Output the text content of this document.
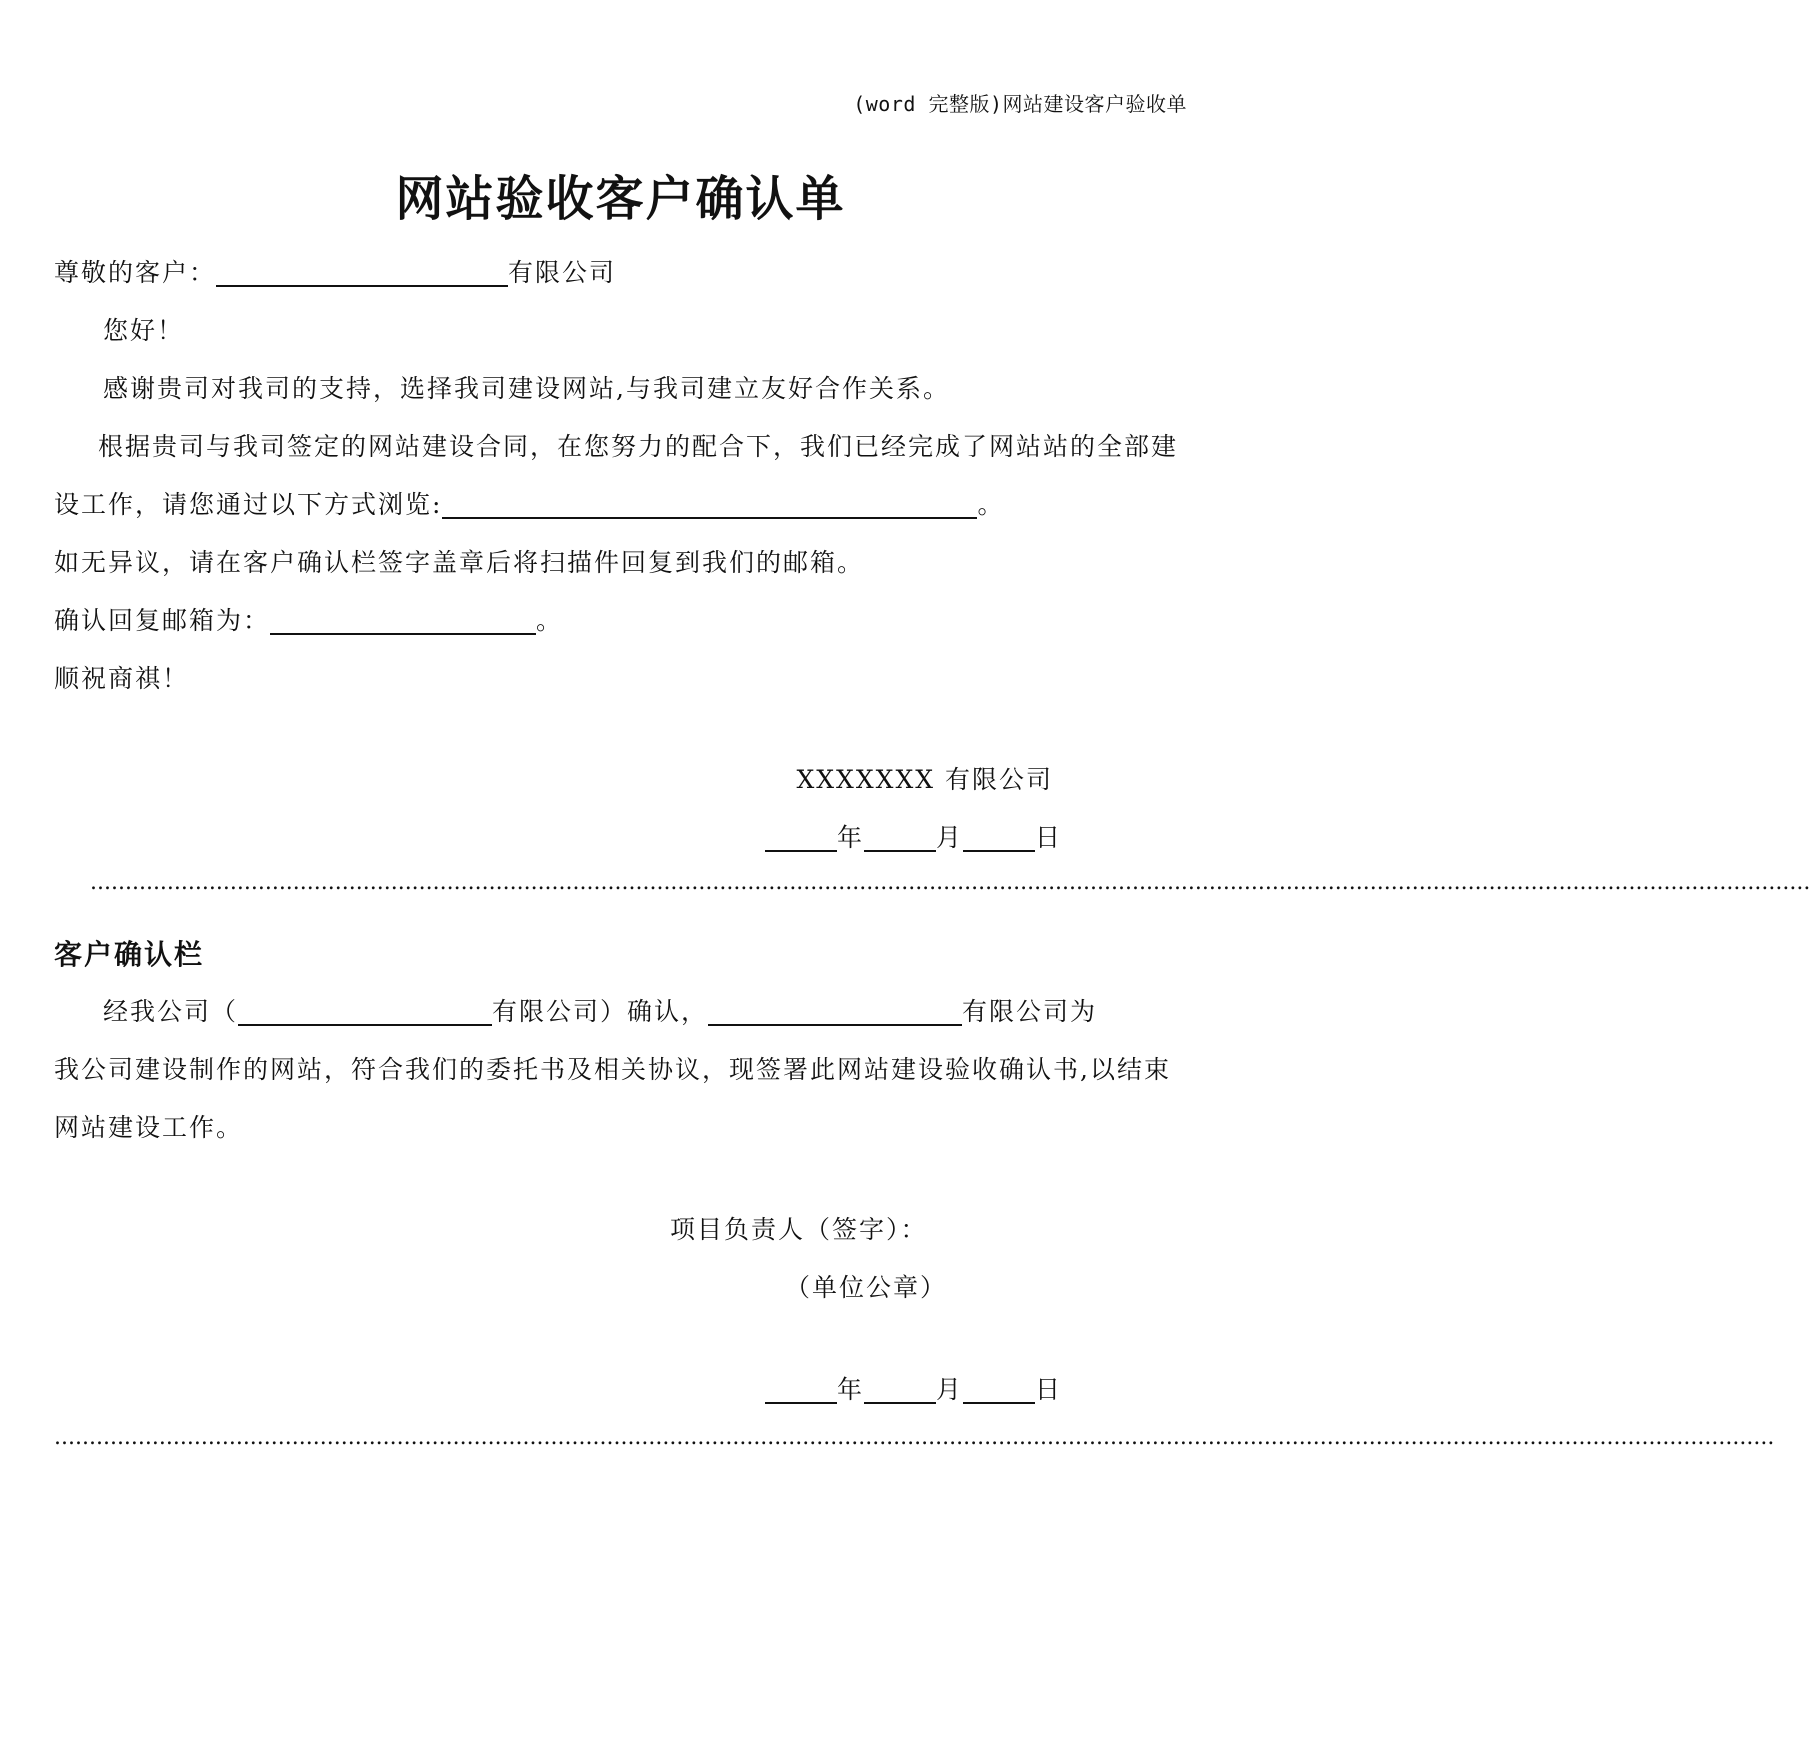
(word 完整版)网站建设客户验收单
网站验收客户确认单
尊敬的客户：	有限公司
您好！
感谢贵司对我司的支持，选择我司建设网站,与我司建立友好合作关系。
根据贵司与我司签定的网站建设合同，在您努力的配合下，我们已经完成了网站站的全部建
设工作，请您通过以下方式浏览:	。
如无异议，请在客户确认栏签字盖章后将扫描件回复到我们的邮箱。
确认回复邮箱为：	。
顺祝商祺！
XXXXXXX 有限公司
年	月	日
......................................................................................................................................................................................................................................................
客户确认栏
经我公司（	有限公司）确认，	有限公司为
我公司建设制作的网站，符合我们的委托书及相关协议，现签署此网站建设验收确认书,以结束
网站建设工作。
项目负责人（签字）：
（单位公章）
年	月	日
......................................................................................................................................................................................................................................................
